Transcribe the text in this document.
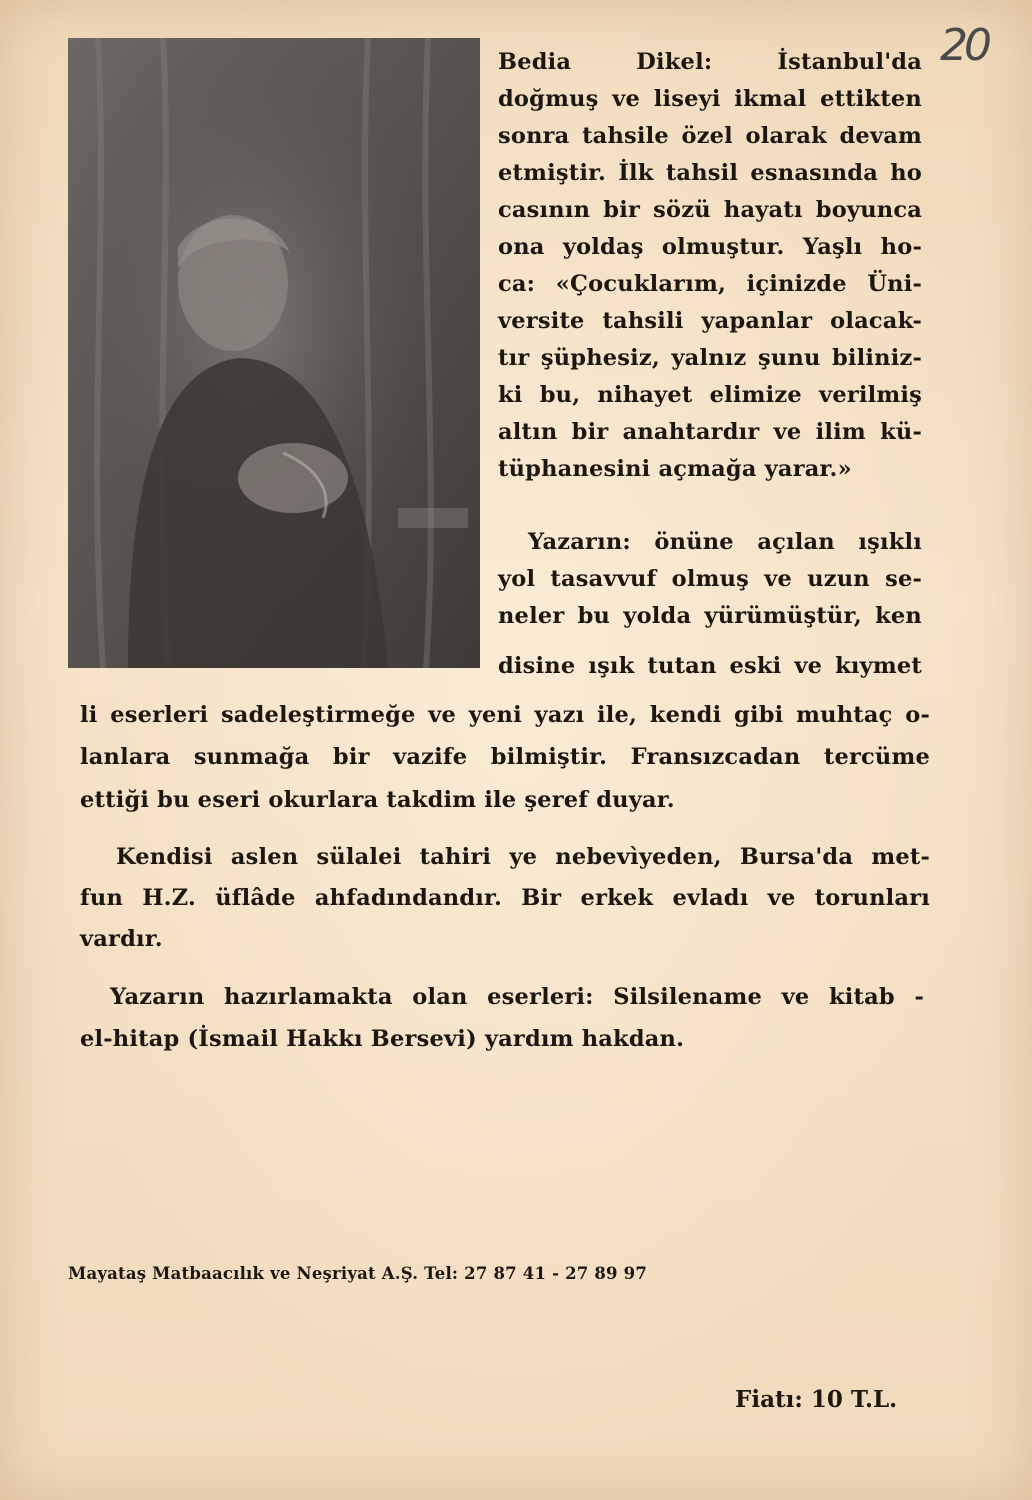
20

Bedia Dikel: İstanbul'da

doğmuş ve liseyi ikmal ettikten

sonra tahsile özel olarak devam

etmiştir. İlk tahsil esnasında ho

casının bir sözü hayatı boyunca

ona yoldaş olmuştur. Yaşlı ho-

ca: «Çocuklarım, içinizde Üni-

versite tahsili yapanlar olacak-

tır şüphesiz, yalnız şunu biliniz-

ki bu, nihayet elimize verilmiş

altın bir anahtardır ve ilim kü-

tüphanesini açmağa yarar.»

Yazarın: önüne açılan ışıklı

yol tasavvuf olmuş ve uzun se-

neler bu yolda yürümüştür, ken

disine ışık tutan eski ve kıymet

li eserleri sadeleştirmeğe ve yeni yazı ile, kendi gibi muhtaç o-

lanlara sunmağa bir vazife bilmiştir. Fransızcadan tercüme

ettiği bu eseri okurlara takdim ile şeref duyar.

Kendisi aslen sülalei tahiri ye nebevìyeden, Bursa'da met-

fun H.Z. üflâde ahfadındandır. Bir erkek evladı ve torunları

vardır.

Yazarın hazırlamakta olan eserleri: Silsilename ve kitab -

el-hitap (İsmail Hakkı Bersevi) yardım hakdan.

Mayataş Matbaacılık ve Neşriyat A.Ş. Tel: 27 87 41 - 27 89 97

Fiatı: 10 T.L.
